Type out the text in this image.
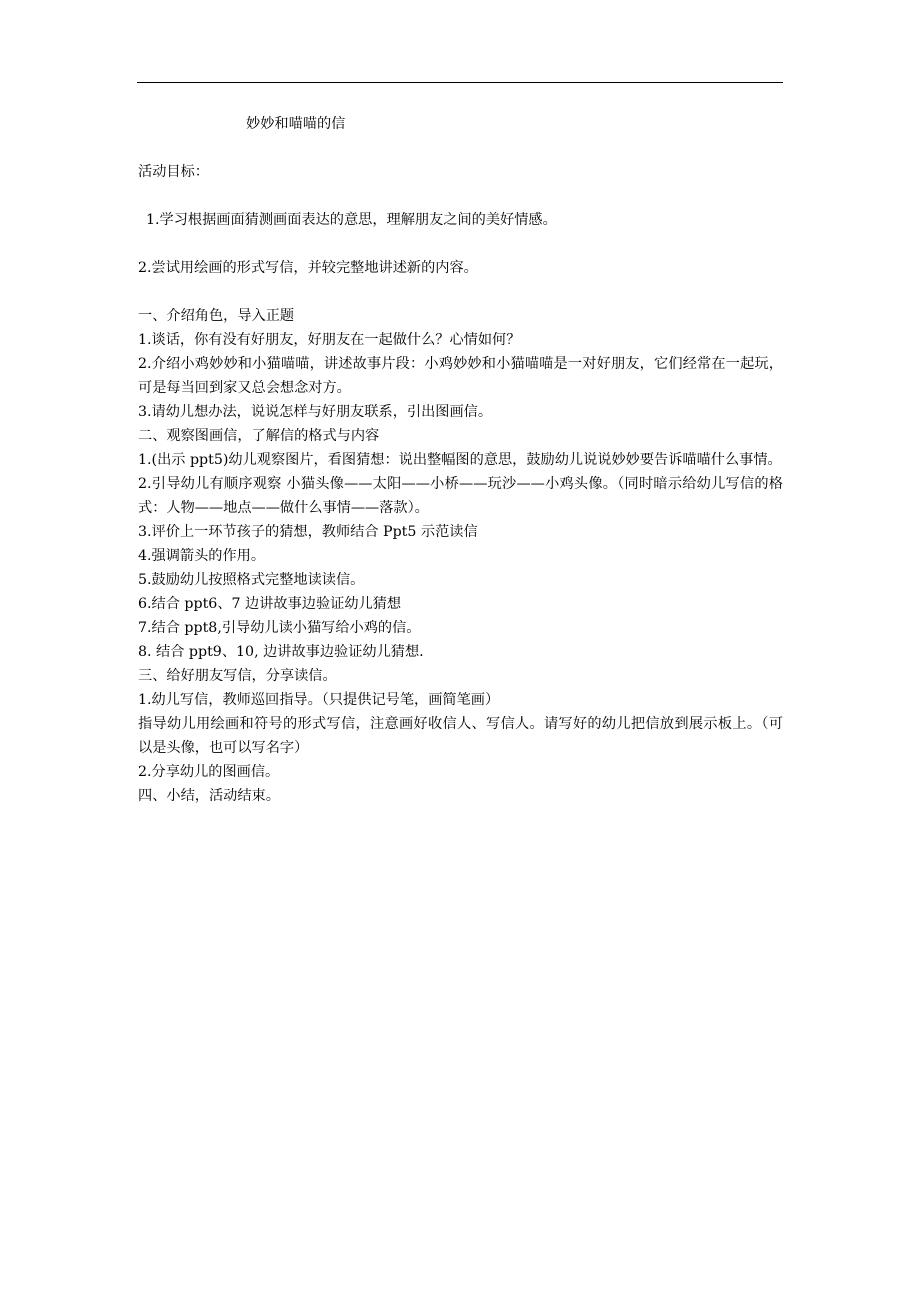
妙妙和喵喵的信

活动目标：

1.学习根据画面猜测画面表达的意思，理解朋友之间的美好情感。

2.尝试用绘画的形式写信，并较完整地讲述新的内容。

一、介绍角色，导入正题

1.谈话，你有没有好朋友，好朋友在一起做什么？心情如何？

2.介绍小鸡妙妙和小猫喵喵，讲述故事片段：小鸡妙妙和小猫喵喵是一对好朋友，它们经常在一起玩，可是每当回到家又总会想念对方。

3.请幼儿想办法，说说怎样与好朋友联系，引出图画信。

二、观察图画信，了解信的格式与内容

1.(出示 ppt5)幼儿观察图片，看图猜想：说出整幅图的意思，鼓励幼儿说说妙妙要告诉喵喵什么事情。

2.引导幼儿有顺序观察 小猫头像——太阳——小桥——玩沙——小鸡头像。（同时暗示给幼儿写信的格式：人物——地点——做什么事情——落款）。

3.评价上一环节孩子的猜想，教师结合 Ppt5 示范读信

4.强调箭头的作用。

5.鼓励幼儿按照格式完整地读读信。

6.结合 ppt6、7 边讲故事边验证幼儿猜想

7.结合 ppt8,引导幼儿读小猫写给小鸡的信。

8. 结合 ppt9、10, 边讲故事边验证幼儿猜想.

三、给好朋友写信，分享读信。

1.幼儿写信，教师巡回指导。（只提供记号笔，画简笔画）

指导幼儿用绘画和符号的形式写信，注意画好收信人、写信人。请写好的幼儿把信放到展示板上。（可以是头像，也可以写名字）

2.分享幼儿的图画信。

四、小结，活动结束。
